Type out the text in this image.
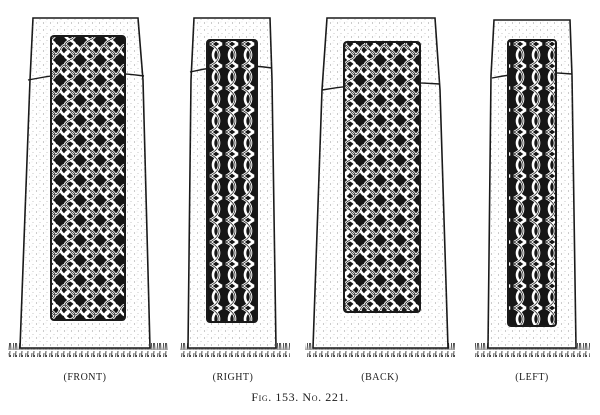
(FRONT)	(RIGHT)	(BACK)	(LEFT)
Fig. 153. No. 221.
